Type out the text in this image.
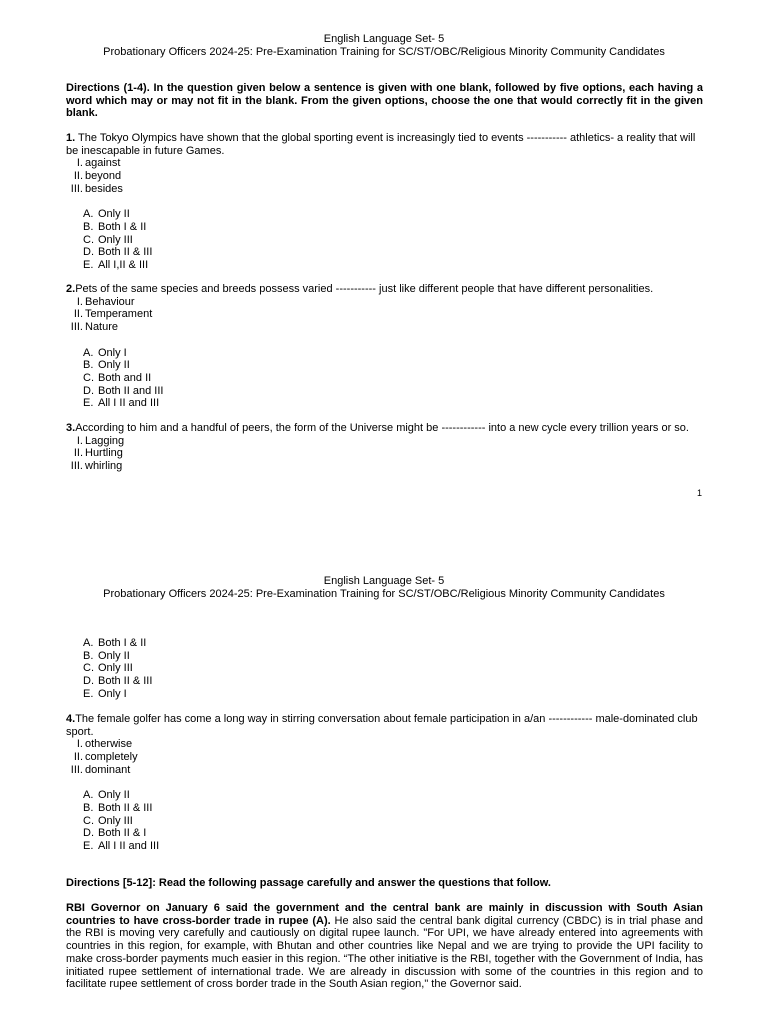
English Language Set- 5
Probationary Officers 2024-25: Pre-Examination Training for SC/ST/OBC/Religious Minority Community Candidates
Directions (1-4). In the question given below a sentence is given with one blank, followed by five options, each having a word which may or may not fit in the blank. From the given options, choose the one that would correctly fit in the given blank.

1. The Tokyo Olympics have shown that the global sporting event is increasingly tied to events ----------- athletics- a reality that will be inescapable in future Games.

I. against
II. beyond
III. besides
A. Only II
B. Both I & II
C. Only III
D. Both II & III
E. All I,II & III

2.Pets of the same species and breeds possess varied ----------- just like different people that have different personalities.

I. Behaviour
II. Temperament
III. Nature
A. Only I
B. Only II
C. Both and II
D. Both II and III
E. All I II and III

3.According to him and a handful of peers, the form of the Universe might be ------------ into a new cycle every trillion years or so.

I. Lagging
II. Hurtling
III. whirling
1
English Language Set- 5
Probationary Officers 2024-25: Pre-Examination Training for SC/ST/OBC/Religious Minority Community Candidates
A. Both I & II
B. Only II
C. Only III
D. Both II & III
E. Only I

4.The female golfer has come a long way in stirring conversation about female participation in a/an ------------ male-dominated club sport.

I. otherwise
II. completely
III. dominant
A. Only II
B. Both II & III
C. Only III
D. Both II & I
E. All I II and III
Directions [5-12]: Read the following passage carefully and answer the questions that follow.
RBI Governor on January 6 said the government and the central bank are mainly in discussion with South Asian countries to have cross-border trade in rupee (A). He also said the central bank digital currency (CBDC) is in trial phase and the RBI is moving very carefully and cautiously on digital rupee launch. "For UPI, we have already entered into agreements with countries in this region, for example, with Bhutan and other countries like Nepal and we are trying to provide the UPI facility to make cross-border payments much easier in this region. “The other initiative is the RBI, together with the Government of India, has initiated rupee settlement of international trade. We are already in discussion with some of the countries in this region and to facilitate rupee settlement of cross border trade in the South Asian region," the Governor said.
